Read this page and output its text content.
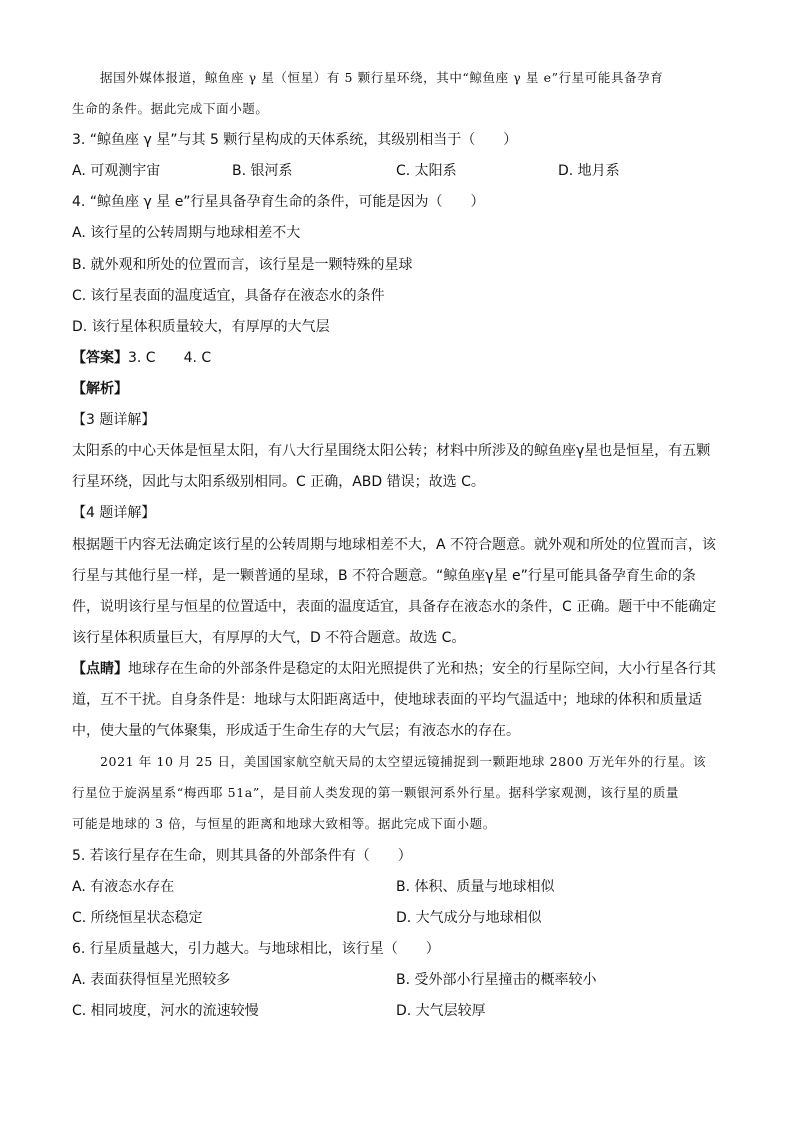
据国外媒体报道，鲸鱼座 γ 星（恒星）有 5 颗行星环绕，其中“鲸鱼座 γ 星 e”行星可能具备孕育
生命的条件。据此完成下面小题。
3. “鲸鱼座 γ 星”与其 5 颗行星构成的天体系统，其级别相当于（　　）
A. 可观测宇宙	B. 银河系	C. 太阳系	D. 地月系
4. “鲸鱼座 γ 星 e”行星具备孕育生命的条件，可能是因为（　　）
A. 该行星的公转周期与地球相差不大
B. 就外观和所处的位置而言，该行星是一颗特殊的星球
C. 该行星表面的温度适宜，具备存在液态水的条件
D. 该行星体积质量较大，有厚厚的大气层
【答案】3. C　　4. C
【解析】
【3 题详解】
太阳系的中心天体是恒星太阳，有八大行星围绕太阳公转；材料中所涉及的鲸鱼座γ星也是恒星，有五颗
行星环绕，因此与太阳系级别相同。C 正确，ABD 错误；故选 C。
【4 题详解】
根据题干内容无法确定该行星的公转周期与地球相差不大，A 不符合题意。就外观和所处的位置而言，该
行星与其他行星一样，是一颗普通的星球，B 不符合题意。“鲸鱼座γ星 e”行星可能具备孕育生命的条
件，说明该行星与恒星的位置适中，表面的温度适宜，具备存在液态水的条件，C 正确。题干中不能确定
该行星体积质量巨大，有厚厚的大气，D 不符合题意。故选 C。
【点睛】地球存在生命的外部条件是稳定的太阳光照提供了光和热；安全的行星际空间，大小行星各行其
道，互不干扰。自身条件是：地球与太阳距离适中，使地球表面的平均气温适中；地球的体积和质量适
中，使大量的气体聚集，形成适于生命生存的大气层；有液态水的存在。
2021 年 10 月 25 日，美国国家航空航天局的太空望远镜捕捉到一颗距地球 2800 万光年外的行星。该
行星位于旋涡星系“梅西耶 51a”，是目前人类发现的第一颗银河系外行星。据科学家观测，该行星的质量
可能是地球的 3 倍，与恒星的距离和地球大致相等。据此完成下面小题。
5. 若该行星存在生命，则其具备的外部条件有（　　）
A. 有液态水存在	B. 体积、质量与地球相似
C. 所绕恒星状态稳定	D. 大气成分与地球相似
6. 行星质量越大，引力越大。与地球相比，该行星（　　）
A. 表面获得恒星光照较多	B. 受外部小行星撞击的概率较小
C. 相同坡度，河水的流速较慢	D. 大气层较厚
